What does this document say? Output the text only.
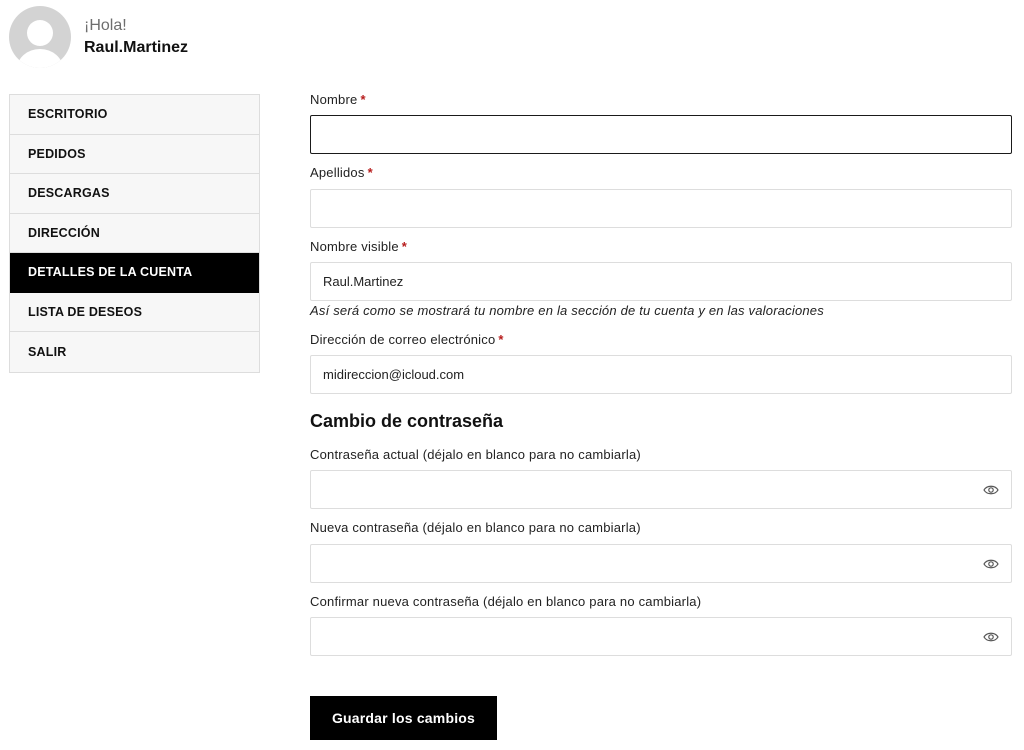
¡Hola!
Raul.Martinez
ESCRITORIO
PEDIDOS
DESCARGAS
DIRECCIÓN
DETALLES DE LA CUENTA
LISTA DE DESEOS
SALIR
Nombre *
Apellidos *
Nombre visible *
Raul.Martinez
Así será como se mostrará tu nombre en la sección de tu cuenta y en las valoraciones
Dirección de correo electrónico *
midireccion@icloud.com
Cambio de contraseña
Contraseña actual (déjalo en blanco para no cambiarla)
Nueva contraseña (déjalo en blanco para no cambiarla)
Confirmar nueva contraseña (déjalo en blanco para no cambiarla)
Guardar los cambios
